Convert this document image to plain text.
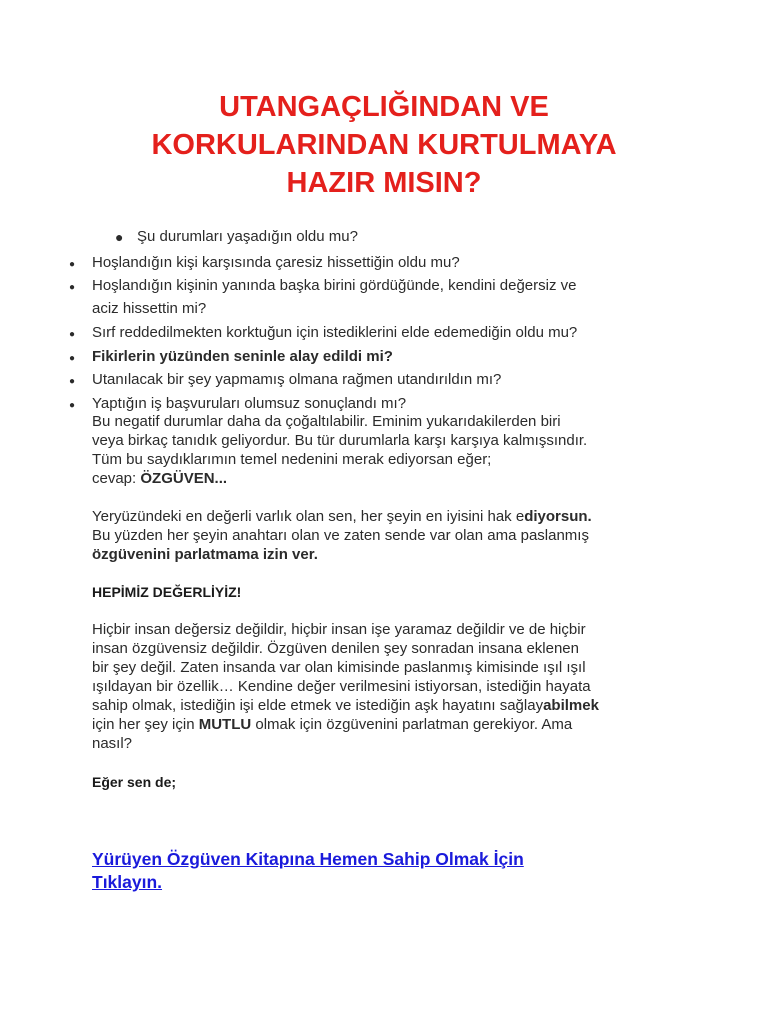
UTANGAÇLIĞINDAN VE
KORKULARINDAN KURTULMAYA
HAZIR MISIN?
● Şu durumları yaşadığın oldu mu?
● Hoşlandığın kişi karşısında çaresiz hissettiğin oldu mu?
● Hoşlandığın kişinin yanında başka birini gördüğünde, kendini değersiz ve
aciz hissettin mi?
● Sırf reddedilmekten korktuğun için istediklerini elde edemediğin oldu mu?
● Fikirlerin yüzünden seninle alay edildi mi?
● Utanılacak bir şey yapmamış olmana rağmen utandırıldın mı?
● Yaptığın iş başvuruları olumsuz sonuçlandı mı?
Bu negatif durumlar daha da çoğaltılabilir. Eminim yukarıdakilerden biri
veya birkaç tanıdık geliyordur. Bu tür durumlarla karşı karşıya kalmışsındır.
Tüm bu saydıklarımın temel nedenini merak ediyorsan eğer;
cevap: ÖZGÜVEN...
Yeryüzündeki en değerli varlık olan sen, her şeyin en iyisini hak ediyorsun.
Bu yüzden her şeyin anahtarı olan ve zaten sende var olan ama paslanmış
özgüvenini parlatmama izin ver.
HEPİMİZ DEĞERLİYİZ!
Hiçbir insan değersiz değildir, hiçbir insan işe yaramaz değildir ve de hiçbir
insan özgüvensiz değildir. Özgüven denilen şey sonradan insana eklenen
bir şey değil. Zaten insanda var olan kimisinde paslanmış kimisinde ışıl ışıl
ışıldayan bir özellik… Kendine değer verilmesini istiyorsan, istediğin hayata
sahip olmak, istediğin işi elde etmek ve istediğin aşk hayatını sağlayabilmek
için her şey için MUTLU olmak için özgüvenini parlatman gerekiyor. Ama
nasıl?
Eğer sen de;
Yürüyen Özgüven Kitapına Hemen Sahip Olmak İçin
Tıklayın.
